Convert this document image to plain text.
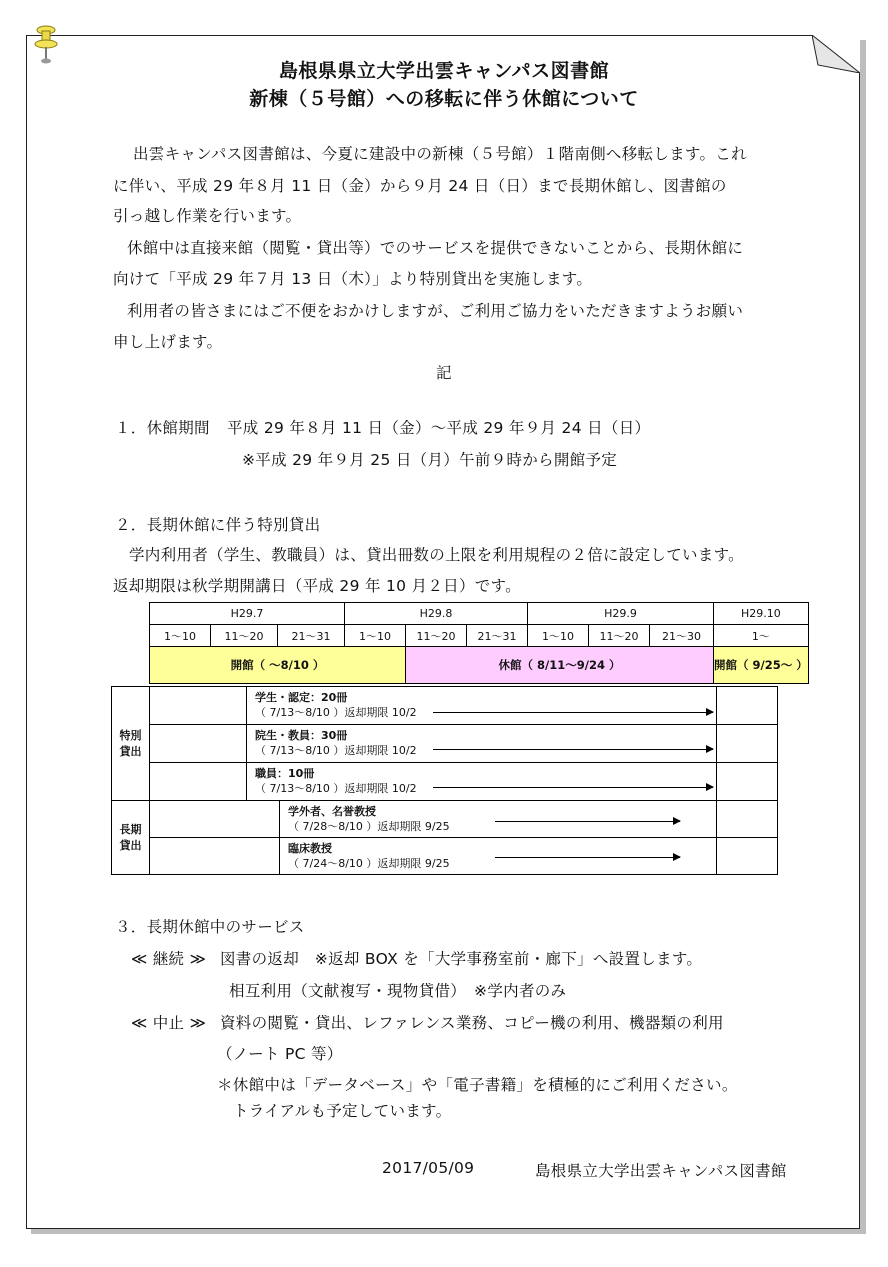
島根県県立大学出雲キャンパス図書館
新棟（５号館）への移転に伴う休館について
出雲キャンパス図書館は、今夏に建設中の新棟（５号館）１階南側へ移転します。これ
に伴い、平成 29 年８月 11 日（金）から９月 24 日（日）まで長期休館し、図書館の
引っ越し作業を行います。
休館中は直接来館（閲覧・貸出等）でのサービスを提供できないことから、長期休館に
向けて「平成 29 年７月 13 日（木）」より特別貸出を実施します。
利用者の皆さまにはご不便をおかけしますが、ご利用ご協力をいただきますようお願い
申し上げます。
記
１．休館期間 平成 29 年８月 11 日（金）～平成 29 年９月 24 日（日）
※平成 29 年９月 25 日（月）午前９時から開館予定
２．長期休館に伴う特別貸出
学内利用者（学生、教職員）は、貸出冊数の上限を利用規程の２倍に設定しています。
返却期限は秋学期開講日（平成 29 年 10 月２日）です。
H29.7			H29.8			H29.9			H29.10
1～10	11～20	21～31	1～10	11～20	21～31	1～10	11～20	21～30	1～
開館（ ～8/10 ）				休館（ 8/11～9/24 ）					開館（ 9/25～ ）
特別
貸出		学生・認定：20冊
（ 7/13～8/10 ）返却期限 10/2		

		院生・教員：30冊
（ 7/13～8/10 ）返却期限 10/2		

		職員：10冊
（ 7/13～8/10 ）返却期限 10/2		

長期
貸出			学外者、名誉教授
（ 7/28～8/10 ）返却期限 9/25	

			臨床教授
（ 7/24～8/10 ）返却期限 9/25	

３．長期休館中のサービス
≪ 継続 ≫ 図書の返却　※返却 BOX を「大学事務室前・廊下」へ設置します。
相互利用（文献複写・現物貸借）　※学内者のみ
≪ 中止 ≫ 資料の閲覧・貸出、レファレンス業務、コピー機の利用、機器類の利用
（ノート PC 等）
＊休館中は「データベース」や「電子書籍」を積極的にご利用ください。
トライアルも予定しています。
2017/05/09	島根県立大学出雲キャンパス図書館
